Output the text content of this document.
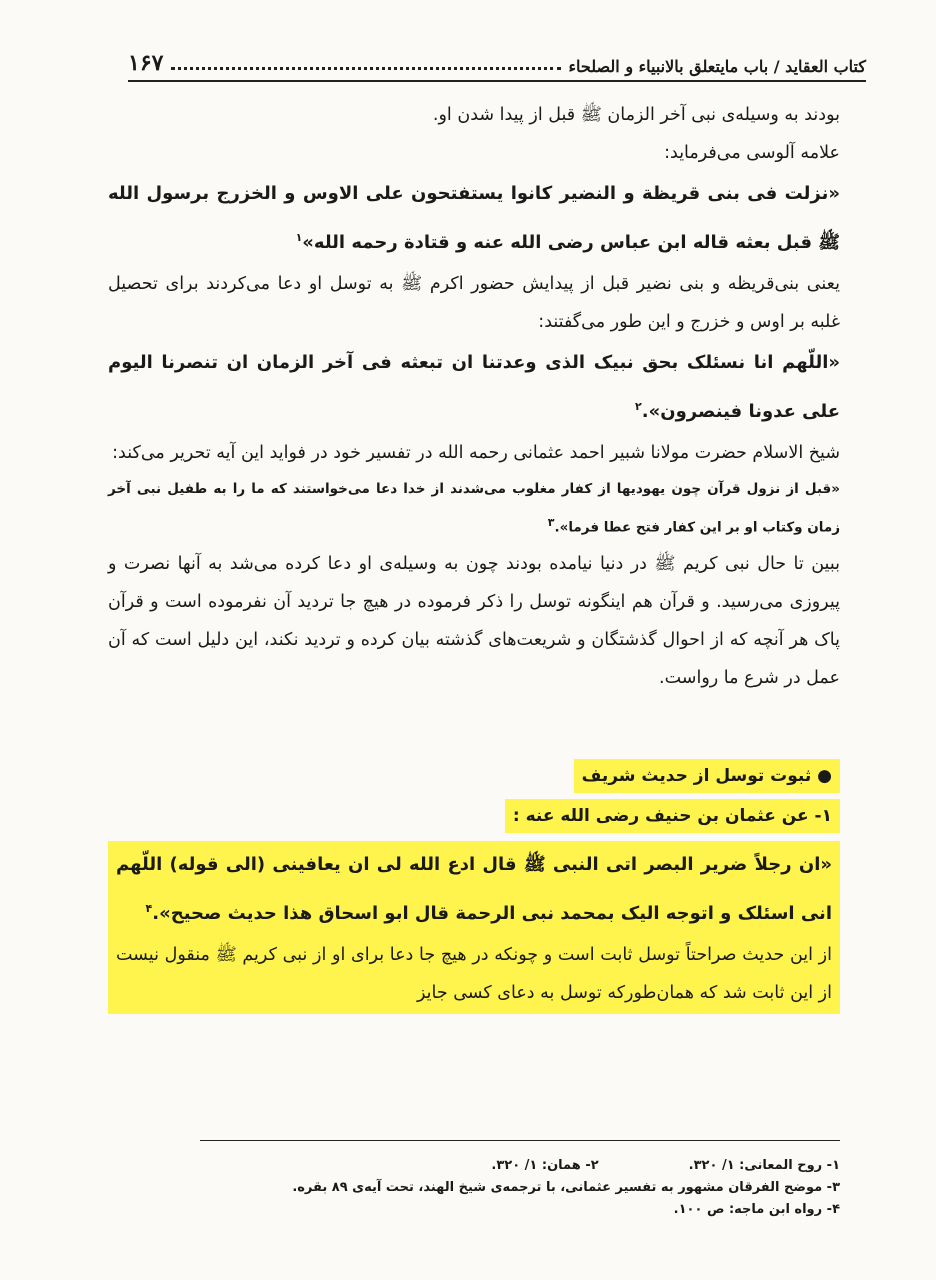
کتاب العقاید / باب مایتعلق بالانبیاء و الصلحاء
۱۶۷

بودند به وسیله‌ی نبی آخر الزمان ﷺ قبل از پیدا شدن او.

علامه آلوسی می‌فرماید:

«نزلت فی بنی قریظة و النضیر کانوا یستفتحون علی الاوس و الخزرج برسول الله ﷺ قبل بعثه قاله ابن عباس رضی الله عنه و قتادة رحمه الله»$^۱$

یعنی بنی‌قریظه و بنی نضیر قبل از پیدایش حضور اکرم ﷺ به توسل او دعا می‌کردند برای تحصیل غلبه بر اوس و خزرج و این طور می‌گفتند:

«اللّهم انا نسئلک بحق نبیک الذی وعدتنا ان تبعثه فی آخر الزمان ان تنصرنا الیوم علی عدونا فینصرون».$^۲$

شیخ الاسلام حضرت مولانا شبیر احمد عثمانی رحمه الله در تفسیر خود در فواید این آیه تحریر می‌کند:

«قبل از نزول قرآن چون یهودیها از کفار مغلوب می‌شدند از خدا دعا می‌خواستند که ما را به طفیل نبی آخر زمان وکتاب او بر این کفار فتح عطا فرما».$^۳$

ببین تا حال نبی کریم ﷺ در دنیا نیامده بودند چون به وسیله‌ی او دعا کرده می‌شد به آنها نصرت و پیروزی می‌رسید. و قرآن هم اینگونه توسل را ذکر فرموده در هیچ جا تردید آن نفرموده است و قرآن پاک هر آنچه که از احوال گذشتگان و شریعت‌های گذشته بیان کرده و تردید نکند، این دلیل است که آن عمل در شرع ما رواست.

● ثبوت توسل از حدیث شریف
۱- عن عثمان بن حنیف رضی الله عنه :

«ان رجلاً ضریر البصر اتی النبی ﷺ قال ادع الله لی ان یعافینی (الی قوله) اللّهم انی اسئلک و اتوجه الیک بمحمد نبی الرحمة قال ابو اسحاق هذا حدیث صحیح».$^۴$

از این حدیث صراحتاً توسل ثابت است و چونکه در هیچ جا دعا برای او از نبی کریم ﷺ منقول نیست از این ثابت شد که همان‌طورکه توسل به دعای کسی جایز

۱- روح المعانی: ۱/ ۳۲۰.
۲- همان: ۱/ ۳۲۰.
۳- موضح الفرقان مشهور به تفسیر عثمانی، با ترجمه‌ی شیخ الهند، تحت آیه‌ی ۸۹ بقره.
۴- رواه ابن ماجه: ص ۱۰۰.
